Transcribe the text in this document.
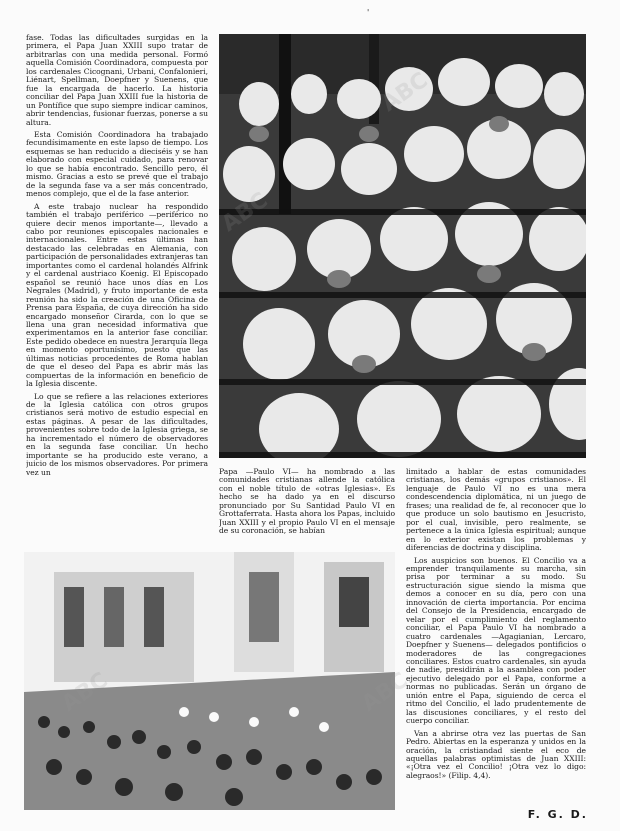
'

fase. Todas las dificultades surgidas en la primera, el Papa Juan XXIII supo tratar de arbitrarlas con una medida personal. Formó aquella Comisión Coordinadora, compuesta por los cardenales Cicognani, Urbani, Confalonieri, Liénart, Spellman, Doepfner y Suenens, que fue la encargada de hacerlo. La historia conciliar del Papa Juan XXIII fue la historia de un Pontífice que supo siempre indicar caminos, abrir tendencias, fusionar fuerzas, ponerse a su altura.

Esta Comisión Coordinadora ha trabajado fecundísimamente en este lapso de tiempo. Los esquemas se han reducido a dieciséis y se han elaborado con especial cuidado, para renovar lo que se había encontrado. Sencillo pero, él mismo. Gracias a esto se prevé que el trabajo de la segunda fase va a ser más concentrado, menos complejo, que el de la fase anterior.

A este trabajo nuclear ha respondido también el trabajo periférico —periférico no quiere decir menos importante—, llevado a cabo por reuniones episcopales nacionales e internacionales. Entre estas últimas han destacado las celebradas en Alemania, con participación de personalidades extranjeras tan importantes como el cardenal holandés Alfrink y el cardenal austriaco Koenig. El Episcopado español se reunió hace unos días en Los Negrales (Madrid), y fruto importante de esta reunión ha sido la creación de una Oficina de Prensa para España, de cuya dirección ha sido encargado monseñor Cirarda, con lo que se llena una gran necesidad informativa que experimentamos en la anterior fase conciliar. Este pedido obedece en nuestra Jerarquía llega en momento oportunísimo, puesto que las últimas noticias procedentes de Roma hablan de que el deseo del Papa es abrir más las compuertas de la información en beneficio de la Iglesia discente.

Lo que se refiere a las relaciones exteriores de la Iglesia católica con otros grupos cristianos será motivo de estudio especial en estas páginas. A pesar de las dificultades, provenientes sobre todo de la Iglesia griega, se ha incrementado el número de observadores en la segunda fase conciliar. Un hecho importante se ha producido este verano, a juicio de los mismos observadores. Por primera vez un	Papa —Paulo VI— ha nombrado a las comunidades cristianas allende la católica con el noble título de «otras Iglesias». Es hecho se ha dado ya en el discurso pronunciado por Su Santidad Paulo VI en Grottaferrata. Hasta ahora los Papas, incluido Juan XXIII y el propio Paulo VI en el mensaje de su coronación, se habían

limitado a hablar de estas comunidades cristianas, los demás «grupos cristianos». El lenguaje de Paulo VI no es una mera condescendencia diplomática, ni un juego de frases; una realidad de fe, al reconocer que lo que produce un solo bautismo en Jesucristo, por el cual, invisible, pero realmente, se pertenece a la única Iglesia espiritual; aunque en lo exterior existan los problemas y diferencias de doctrina y disciplina.

Los auspicios son buenos. El Concilio va a emprender tranquilamente su marcha, sin prisa por terminar a su modo. Su estructuración sigue siendo la misma que demos a conocer en su día, pero con una innovación de cierta importancia. Por encima del Consejo de la Presidencia, encargado de velar por el cumplimiento del reglamento conciliar, el Papa Paulo VI ha nombrado a cuatro cardenales —Agagianian, Lercaro, Doepfner y Suenens— delegados pontificios o moderadores de las congregaciones conciliares. Estos cuatro cardenales, sin ayuda de nadie, presidirán a la asamblea con poder ejecutivo delegado por el Papa, conforme a normas no publicadas. Serán un órgano de unión entre el Papa, siguiendo de cerca el ritmo del Concilio, el lado prudentemente de las discusiones conciliares, y el resto del cuerpo conciliar.

Van a abrirse otra vez las puertas de San Pedro. Abiertas en la esperanza y unidos en la oración, la cristiandad siente el eco de aquellas palabras optimistas de Juan XXIII: «¡Otra vez el Concilio! ¡Otra vez lo digo: alegraos!» (Filip. 4,4).

F. G. D.
